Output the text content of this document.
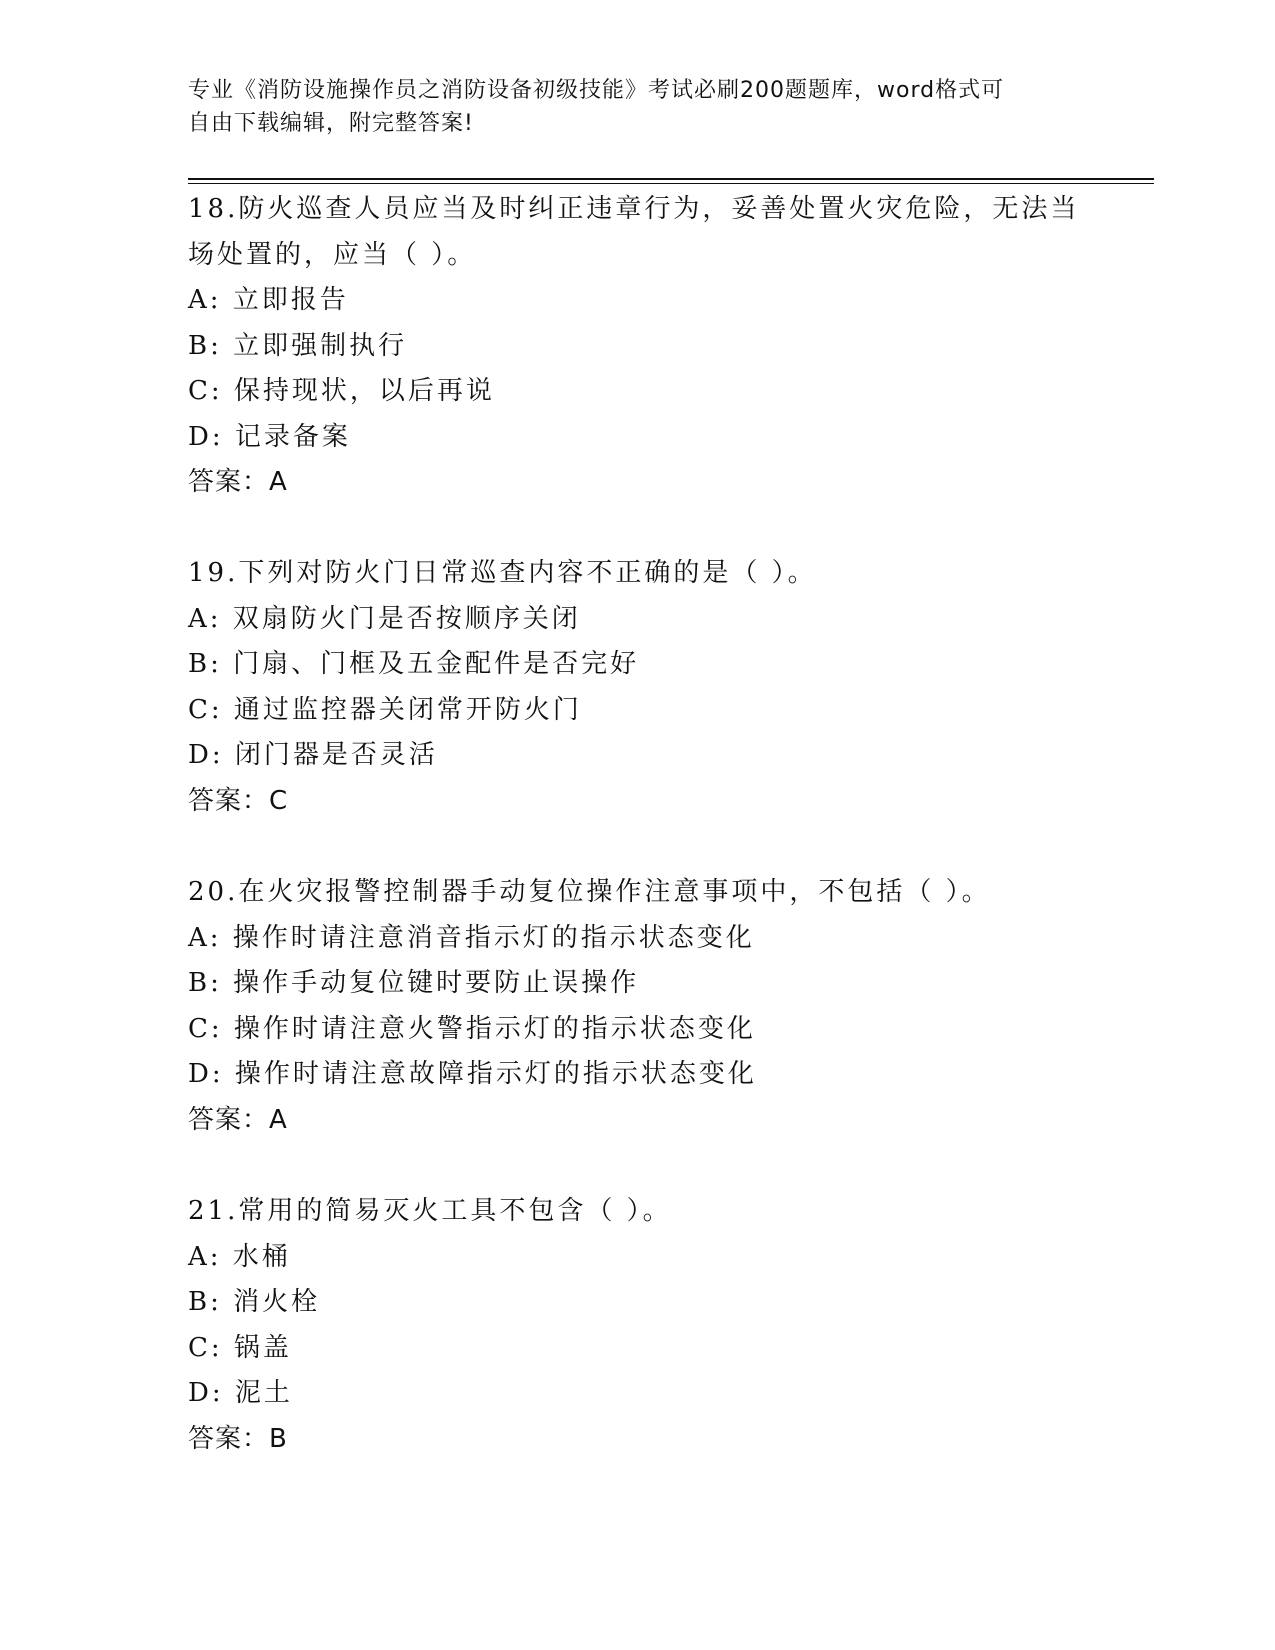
专业《消防设施操作员之消防设备初级技能》考试必刷200题题库，word格式可
自由下载编辑，附完整答案!
18.防火巡查人员应当及时纠正违章行为，妥善处置火灾危险，无法当
场处置的，应当（ ）。
A: 立即报告
B: 立即强制执行
C: 保持现状，以后再说
D: 记录备案
答案：A
19.下列对防火门日常巡查内容不正确的是（ ）。
A: 双扇防火门是否按顺序关闭
B: 门扇、门框及五金配件是否完好
C: 通过监控器关闭常开防火门
D: 闭门器是否灵活
答案：C
20.在火灾报警控制器手动复位操作注意事项中，不包括（ ）。
A: 操作时请注意消音指示灯的指示状态变化
B: 操作手动复位键时要防止误操作
C: 操作时请注意火警指示灯的指示状态变化
D: 操作时请注意故障指示灯的指示状态变化
答案：A
21.常用的简易灭火工具不包含（ ）。
A: 水桶
B: 消火栓
C: 锅盖
D: 泥土
答案：B
